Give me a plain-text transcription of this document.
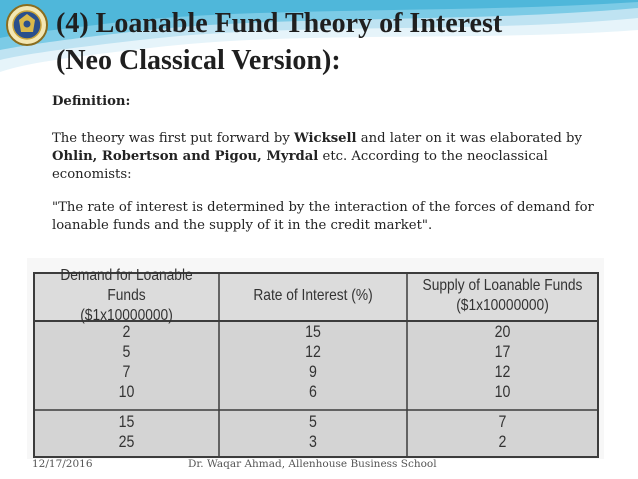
(4) Loanable Fund Theory of Interest
(Neo Classical Version):
Definition:
The theory was first put forward by Wicksell and later on it was elaborated by
Ohlin, Robertson and Pigou, Myrdal etc. According to the neoclassical economists:
"The rate of interest is determined by the interaction of the forces of demand for loanable funds and the supply of it in the credit market".
Demand for Loanable Funds
($1x10000000)
Rate of Interest (%)
Supply of Loanable Funds
($1x10000000)
2
5
7
10
15
12
9
6
20
17
12
10
15
25
5
3
7
2
12/17/2016	Dr. Waqar Ahmad, Allenhouse Business School
